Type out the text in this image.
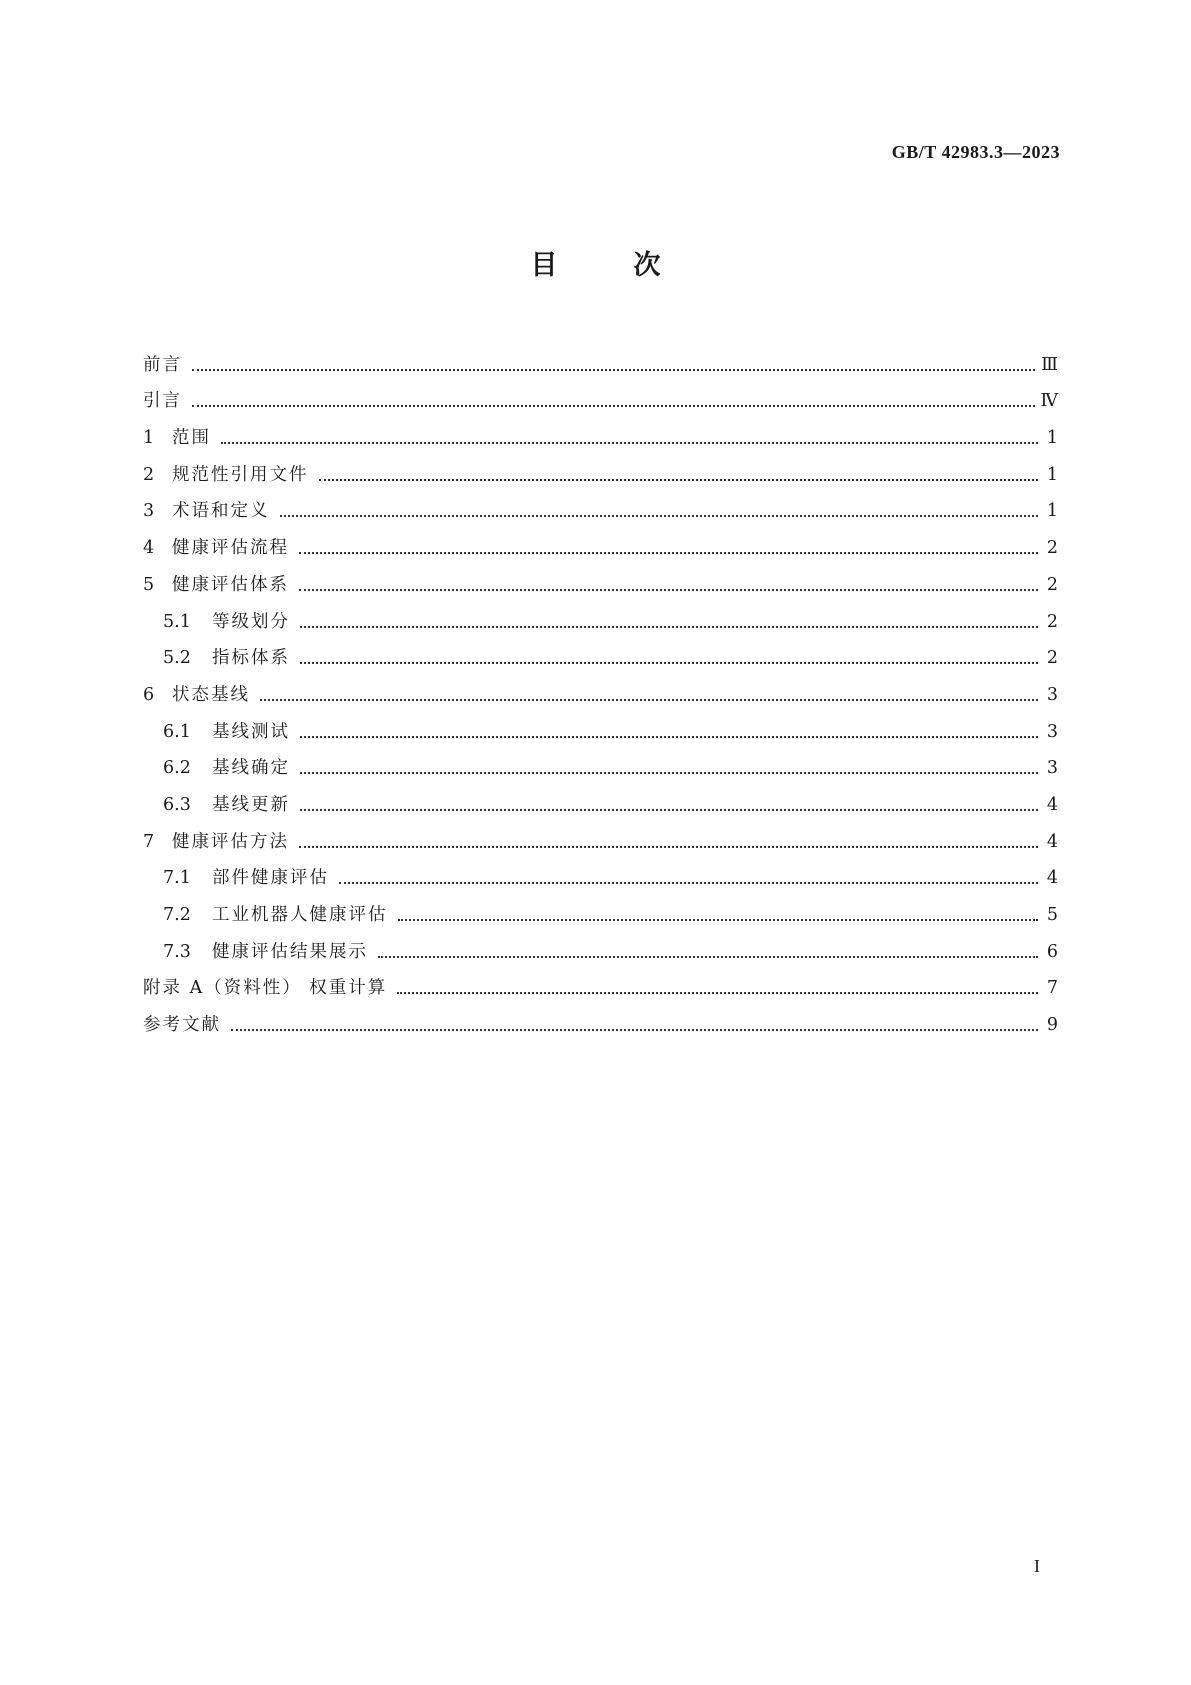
GB/T 42983.3—2023
目	次
前言	Ⅲ
引言	Ⅳ
1	范围	1
2	规范性引用文件	1
3	术语和定义	1
4	健康评估流程	2
5	健康评估体系	2
5.1	等级划分	2
5.2	指标体系	2
6	状态基线	3
6.1	基线测试	3
6.2	基线确定	3
6.3	基线更新	4
7	健康评估方法	4
7.1	部件健康评估	4
7.2	工业机器人健康评估	5
7.3	健康评估结果展示	6
附录 A（资料性） 权重计算	7
参考文献	9
I
